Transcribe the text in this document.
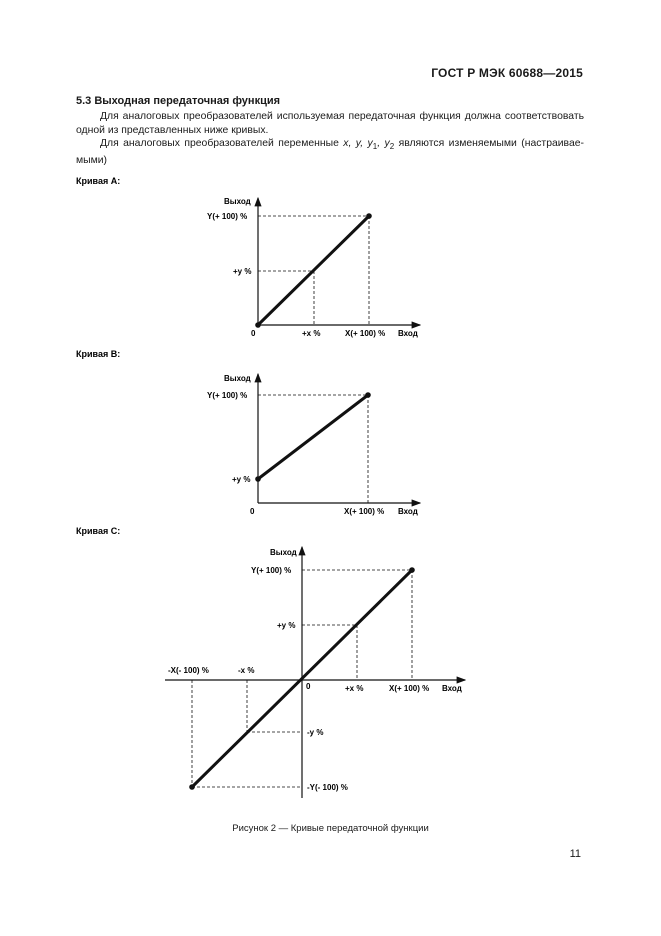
ГОСТ Р МЭК 60688—2015
5.3 Выходная передаточная функция
Для аналоговых преобразователей используемая передаточная функция должна соответствовать одной из представленных ниже кривых.
Для аналоговых преобразователей переменные x, y, $y_1$, $y_2$ являются изменяемыми (настраиваемыми)
Кривая А:
Выход
Y(+ 100) %
+y %
0	+x %	X(+ 100) % Вход
Кривая В:
Выход
Y(+ 100) %
+y %
0	X(+ 100) % Вход
Кривая С:
Выход
Y(+ 100) %
+y %
0
-X(- 100) %	-x %
+x %	X(+ 100) % Вход
-y %
-Y(- 100) %
Рисунок 2 — Кривые передаточной функции
11
